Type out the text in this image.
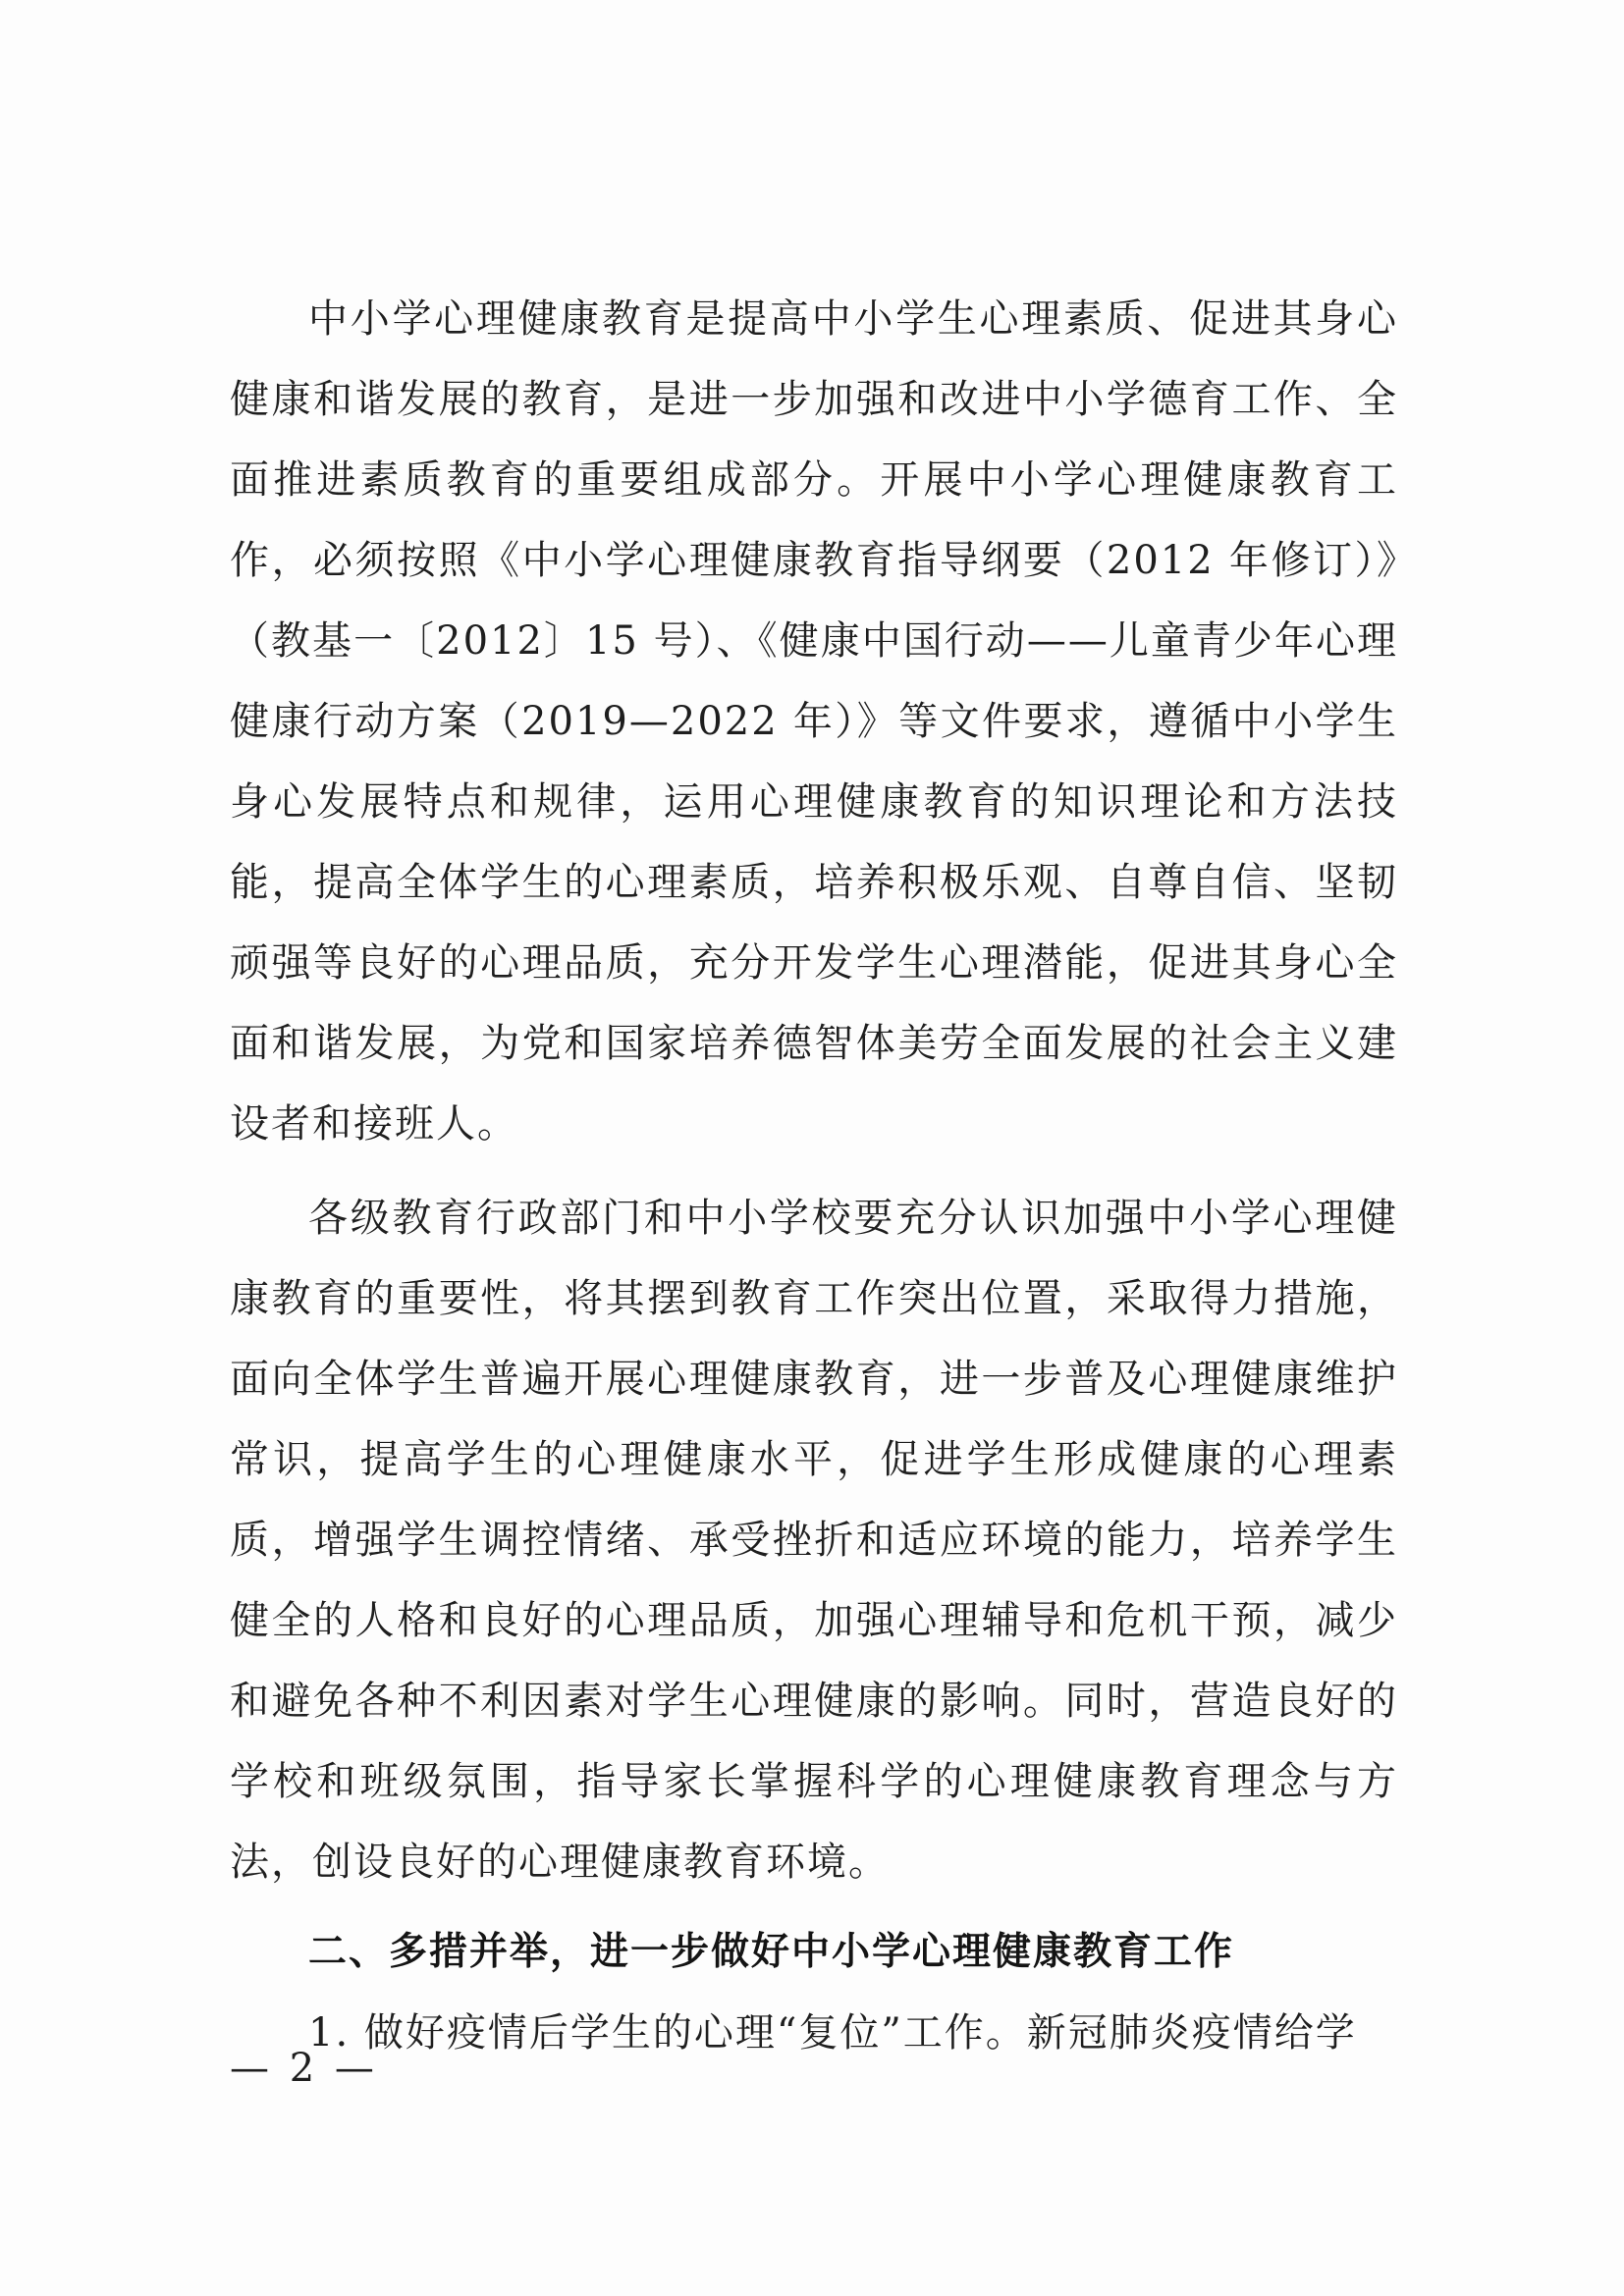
中小学心理健康教育是提高中小学生心理素质、促进其身心健康和谐发展的教育，是进一步加强和改进中小学德育工作、全面推进素质教育的重要组成部分。开展中小学心理健康教育工作，必须按照《中小学心理健康教育指导纲要（2012 年修订）》（教基一〔2012〕15 号）、《健康中国行动——儿童青少年心理健康行动方案（2019—2022 年）》等文件要求，遵循中小学生身心发展特点和规律，运用心理健康教育的知识理论和方法技能，提高全体学生的心理素质，培养积极乐观、自尊自信、坚韧顽强等良好的心理品质，充分开发学生心理潜能，促进其身心全面和谐发展，为党和国家培养德智体美劳全面发展的社会主义建设者和接班人。

各级教育行政部门和中小学校要充分认识加强中小学心理健康教育的重要性，将其摆到教育工作突出位置，采取得力措施，面向全体学生普遍开展心理健康教育，进一步普及心理健康维护常识，提高学生的心理健康水平，促进学生形成健康的心理素质，增强学生调控情绪、承受挫折和适应环境的能力，培养学生健全的人格和良好的心理品质，加强心理辅导和危机干预，减少和避免各种不利因素对学生心理健康的影响。同时，营造良好的学校和班级氛围，指导家长掌握科学的心理健康教育理念与方法，创设良好的心理健康教育环境。

二、多措并举，进一步做好中小学心理健康教育工作

1. 做好疫情后学生的心理“复位”工作。新冠肺炎疫情给学

— 2 —
